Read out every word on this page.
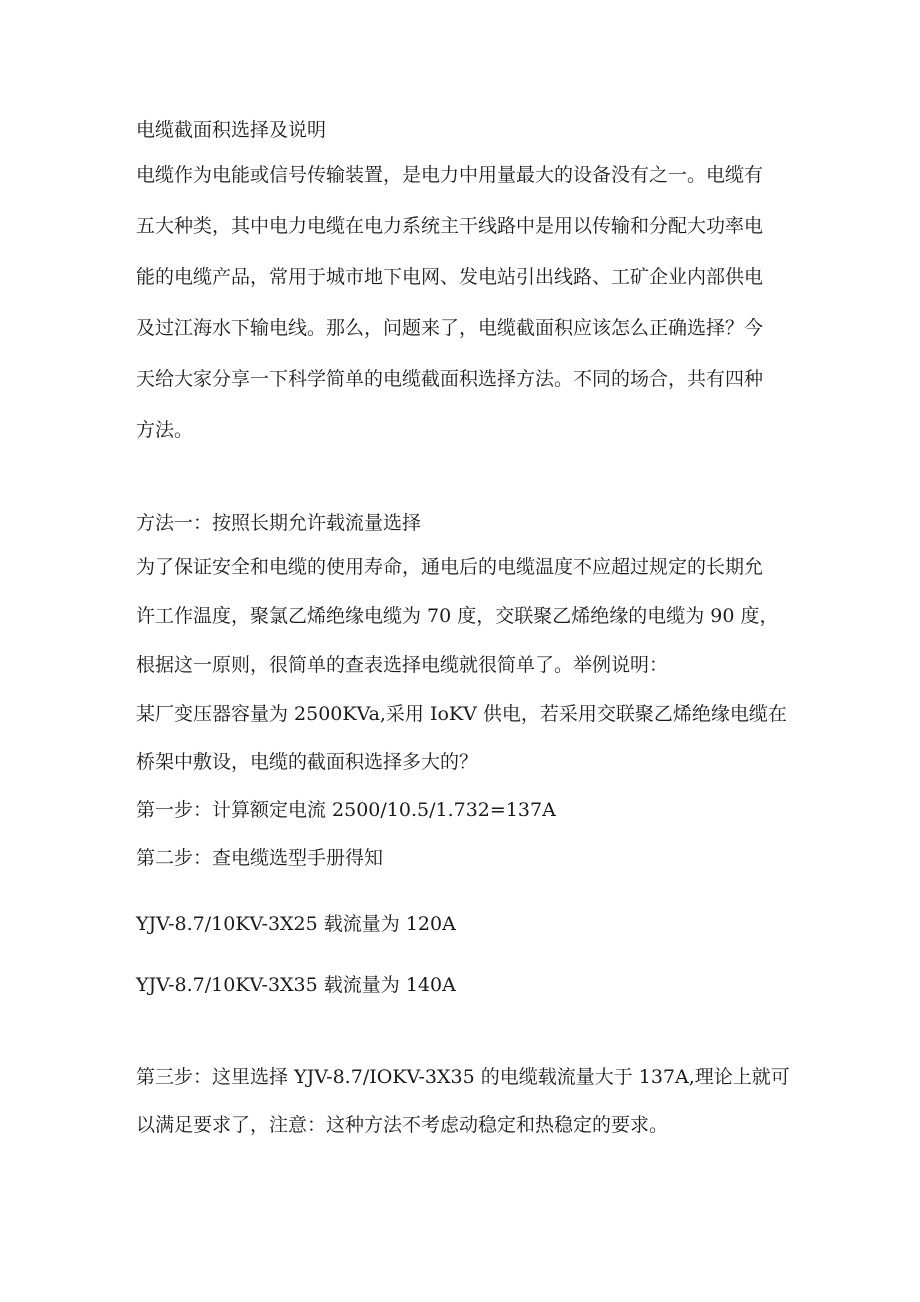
电缆截面积选择及说明

电缆作为电能或信号传输装置，是电力中用量最大的设备没有之一。电缆有

五大种类，其中电力电缆在电力系统主干线路中是用以传输和分配大功率电

能的电缆产品，常用于城市地下电网、发电站引出线路、工矿企业内部供电

及过江海水下输电线。那么，问题来了，电缆截面积应该怎么正确选择？今

天给大家分享一下科学简单的电缆截面积选择方法。不同的场合，共有四种

方法。

方法一：按照长期允许载流量选择

为了保证安全和电缆的使用寿命，通电后的电缆温度不应超过规定的长期允

许工作温度，聚氯乙烯绝缘电缆为 70 度，交联聚乙烯绝缘的电缆为 90 度，

根据这一原则，很简单的查表选择电缆就很简单了。举例说明：

某厂变压器容量为 2500KVa,采用 IoKV 供电，若采用交联聚乙烯绝缘电缆在

桥架中敷设，电缆的截面积选择多大的？

第一步：计算额定电流 2500/10.5/1.732=137A

第二步：查电缆选型手册得知

YJV-8.7/10KV-3X25 载流量为 120A

YJV-8.7/10KV-3X35 载流量为 140A

第三步：这里选择 YJV-8.7/IOKV-3X35 的电缆载流量大于 137A,理论上就可

以满足要求了，注意：这种方法不考虑动稳定和热稳定的要求。
